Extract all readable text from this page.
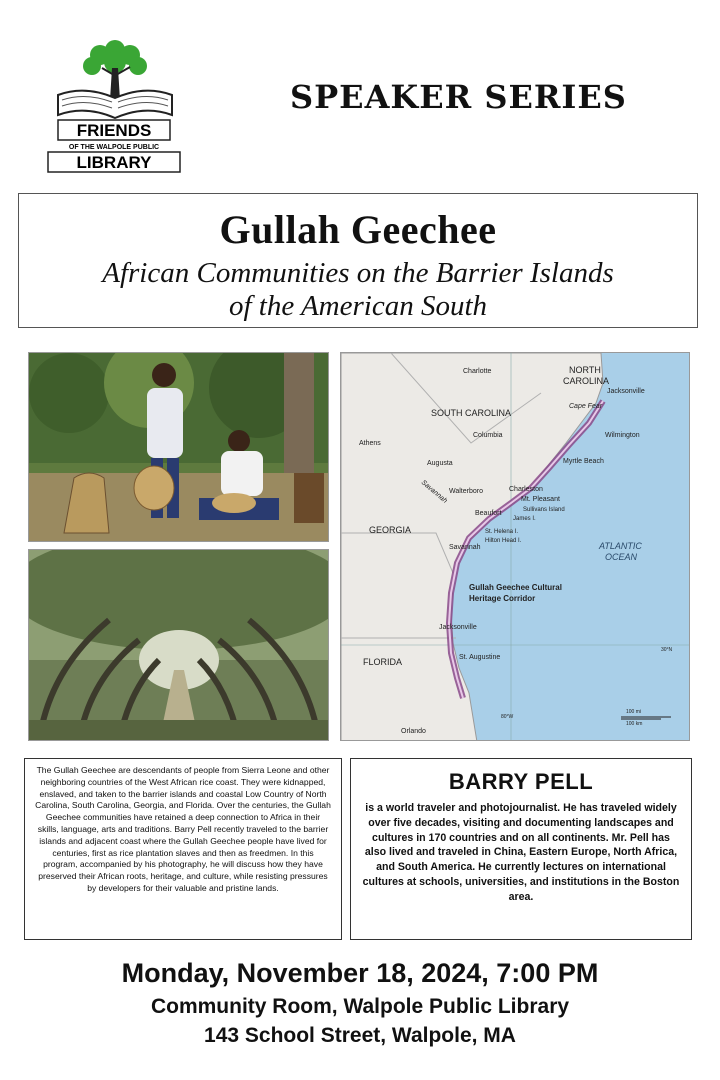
FRIENDS
OF THE WALPOLE PUBLIC
LIBRARY
SPEAKER SERIES
Gullah Geechee
African Communities on the Barrier Islands
of the American South
Charlotte	NORTH
CAROLINA
Jacksonville
Cape Fear
SOUTH CAROLINA
Wilmington
Columbia
Athens
Augusta	Myrtle Beach
Savannah Walterboro	Charleston
Mt. Pleasant
Sullivans Island
James I.
Beaufort
St. Helena I.
Hilton Head I.
GEORGIA
Savannah	ATLANTIC
OCEAN
Gullah Geechee Cultural
Heritage Corridor
Jacksonville
St. Augustine
30°N
FLORIDA
80°W
100 mi
100 km
Orlando

The Gullah Geechee are descendants of people from Sierra Leone and other neighboring countries of the West African rice coast. They were kidnapped, enslaved, and taken to the barrier islands and coastal Low Country of North Carolina, South Carolina, Georgia, and Florida. Over the centuries, the Gullah Geechee communities have retained a deep connection to Africa in their skills, language, arts and traditions. Barry Pell recently traveled to the barrier islands and adjacent coast where the Gullah Geechee people have lived for centuries, first as rice plantation slaves and then as freedmen. In this program, accompanied by his photography, he will discuss how they have preserved their African roots, heritage, and culture, while resisting pressures by developers for their valuable and pristine lands.

BARRY PELL

is a world traveler and photojournalist. He has traveled widely over five decades, visiting and documenting landscapes and cultures in 170 countries and on all continents. Mr. Pell has also lived and traveled in China, Eastern Europe, North Africa, and South America. He currently lectures on international cultures at schools, universities, and institutions in the Boston area.

Monday, November 18, 2024, 7:00 PM
Community Room, Walpole Public Library
143 School Street, Walpole, MA
